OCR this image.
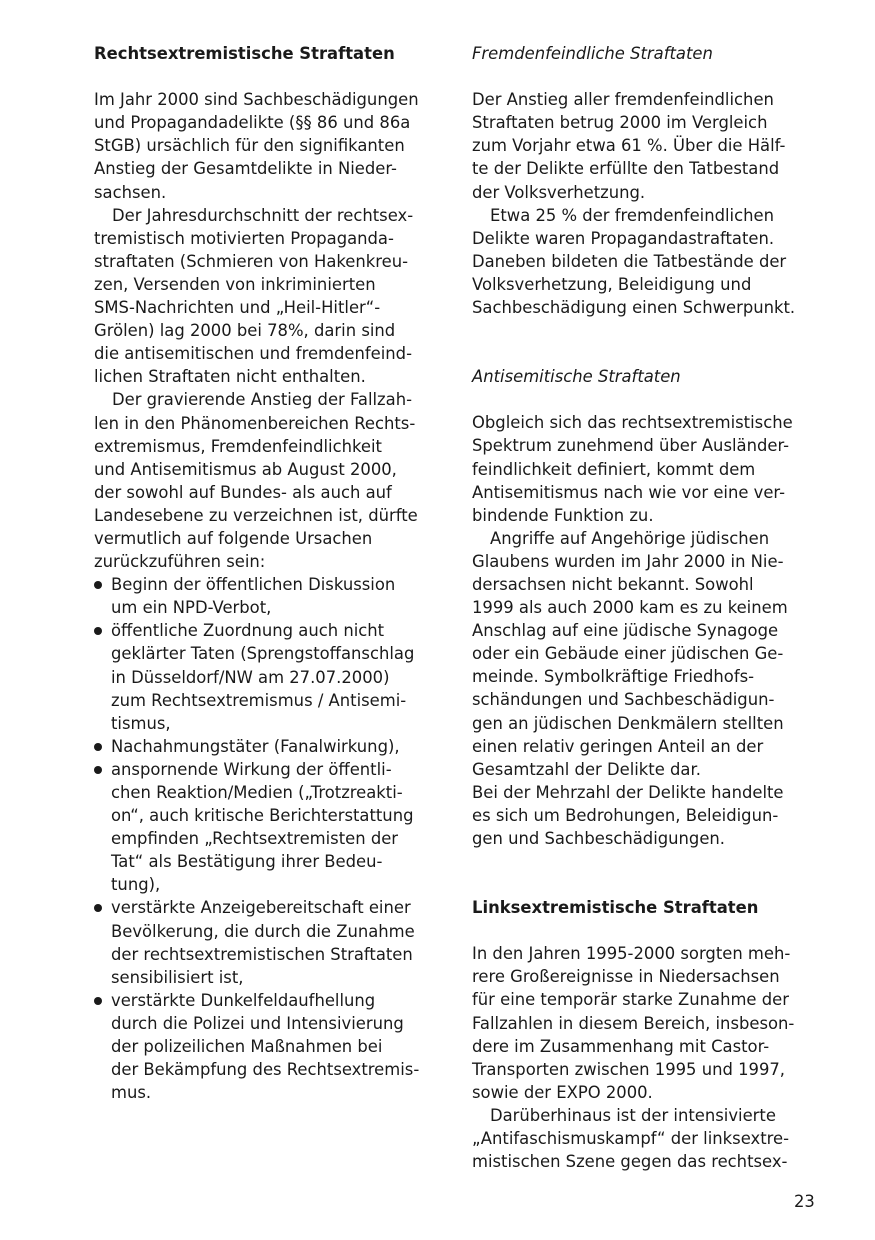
Rechtsextremistische Straftaten
Im Jahr 2000 sind Sachbeschädigungen
und Propagandadelikte (§§ 86 und 86a
StGB) ursächlich für den signifikanten
Anstieg der Gesamtdelikte in Nieder-
sachsen.
Der Jahresdurchschnitt der rechtsex-
tremistisch motivierten Propaganda-
straftaten (Schmieren von Hakenkreu-
zen, Versenden von inkriminierten
SMS-Nachrichten und „Heil-Hitler“-
Grölen) lag 2000 bei 78%, darin sind
die antisemitischen und fremdenfeind-
lichen Straftaten nicht enthalten.
Der gravierende Anstieg der Fallzah-
len in den Phänomenbereichen Rechts-
extremismus, Fremdenfeindlichkeit
und Antisemitismus ab August 2000,
der sowohl auf Bundes- als auch auf
Landesebene zu verzeichnen ist, dürfte
vermutlich auf folgende Ursachen
zurückzuführen sein:
Beginn der öffentlichen Diskussion
um ein NPD-Verbot,
öffentliche Zuordnung auch nicht
geklärter Taten (Sprengstoffanschlag
in Düsseldorf/NW am 27.07.2000)
zum Rechtsextremismus / Antisemi-
tismus,
Nachahmungstäter (Fanalwirkung),
anspornende Wirkung der öffentli-
chen Reaktion/Medien („Trotzreakti-
on“, auch kritische Berichterstattung
empfinden „Rechtsextremisten der
Tat“ als Bestätigung ihrer Bedeu-
tung),
verstärkte Anzeigebereitschaft einer
Bevölkerung, die durch die Zunahme
der rechtsextremistischen Straftaten
sensibilisiert ist,
verstärkte Dunkelfeldaufhellung
durch die Polizei und Intensivierung
der polizeilichen Maßnahmen bei
der Bekämpfung des Rechtsextremis-
mus.
Fremdenfeindliche Straftaten
Der Anstieg aller fremdenfeindlichen
Straftaten betrug 2000 im Vergleich
zum Vorjahr etwa 61 %. Über die Hälf-
te der Delikte erfüllte den Tatbestand
der Volksverhetzung.
Etwa 25 % der fremdenfeindlichen
Delikte waren Propagandastraftaten.
Daneben bildeten die Tatbestände der
Volksverhetzung, Beleidigung und
Sachbeschädigung einen Schwerpunkt.
Antisemitische Straftaten
Obgleich sich das rechtsextremistische
Spektrum zunehmend über Ausländer-
feindlichkeit definiert, kommt dem
Antisemitismus nach wie vor eine ver-
bindende Funktion zu.
Angriffe auf Angehörige jüdischen
Glaubens wurden im Jahr 2000 in Nie-
dersachsen nicht bekannt. Sowohl
1999 als auch 2000 kam es zu keinem
Anschlag auf eine jüdische Synagoge
oder ein Gebäude einer jüdischen Ge-
meinde. Symbolkräftige Friedhofs-
schändungen und Sachbeschädigun-
gen an jüdischen Denkmälern stellten
einen relativ geringen Anteil an der
Gesamtzahl der Delikte dar.
Bei der Mehrzahl der Delikte handelte
es sich um Bedrohungen, Beleidigun-
gen und Sachbeschädigungen.
Linksextremistische Straftaten
In den Jahren 1995-2000 sorgten meh-
rere Großereignisse in Niedersachsen
für eine temporär starke Zunahme der
Fallzahlen in diesem Bereich, insbeson-
dere im Zusammenhang mit Castor-
Transporten zwischen 1995 und 1997,
sowie der EXPO 2000.
Darüberhinaus ist der intensivierte
„Antifaschismuskampf“ der linksextre-
mistischen Szene gegen das rechtsex-
23
